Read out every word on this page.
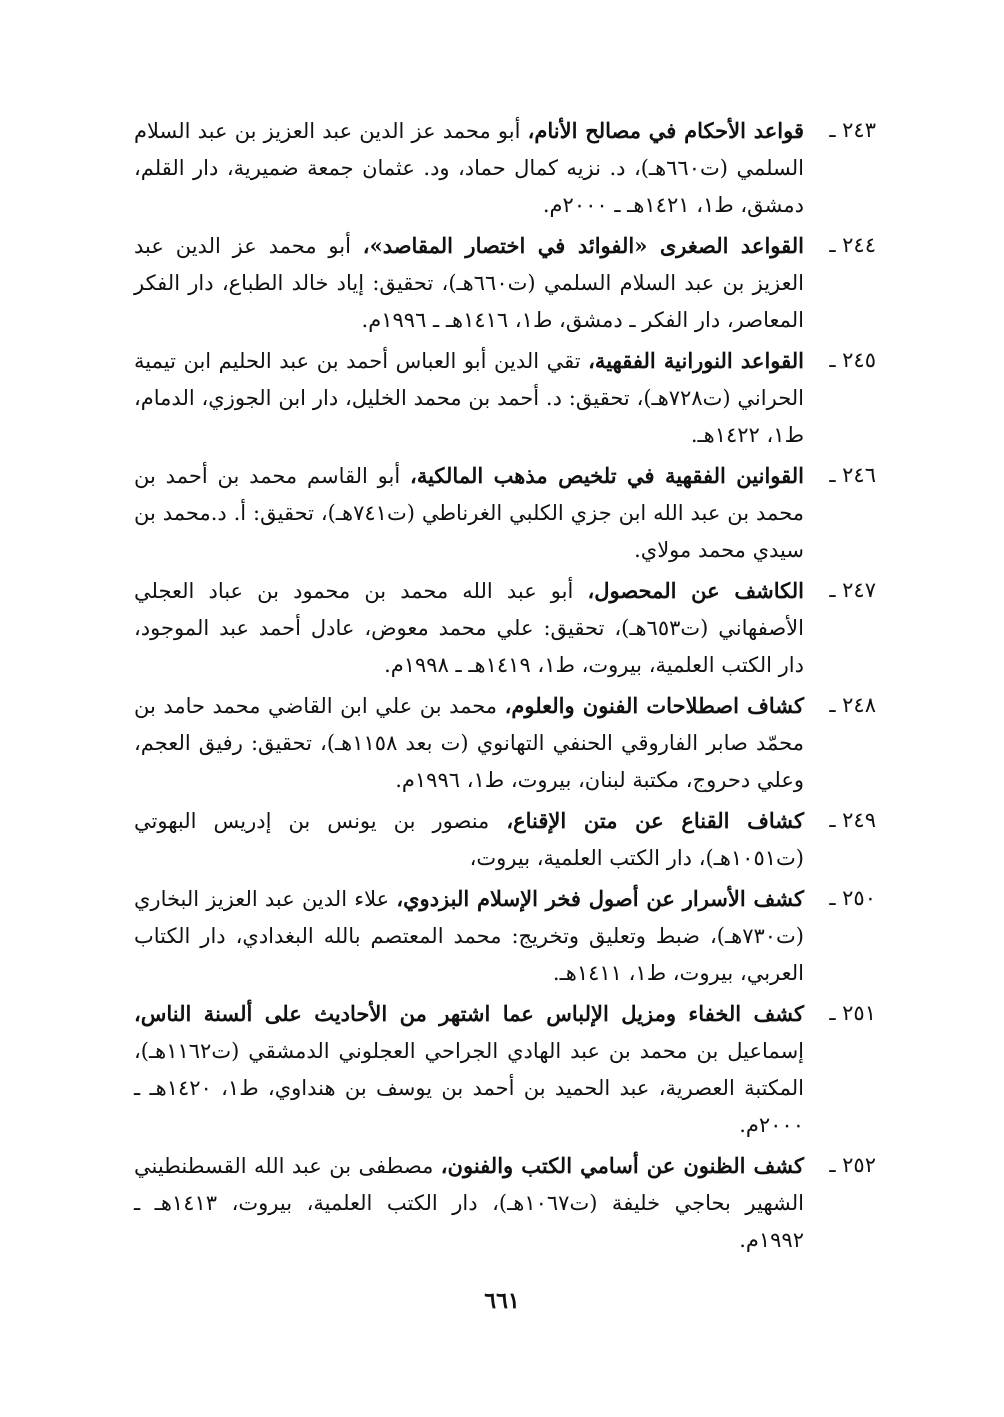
٢٤٣ ـ
قواعد الأحكام في مصالح الأنام، أبو محمد عز الدين عبد العزيز بن عبد السلام السلمي (ت٦٦٠هـ)، د. نزيه كمال حماد، ود. عثمان جمعة ضميرية، دار القلم، دمشق، ط١، ١٤٢١هـ ـ ٢٠٠٠م.
٢٤٤ ـ
القواعد الصغرى «الفوائد في اختصار المقاصد»، أبو محمد عز الدين عبد العزيز بن عبد السلام السلمي (ت٦٦٠هـ)، تحقيق: إياد خالد الطباع، دار الفكر المعاصر، دار الفكر ـ دمشق، ط١، ١٤١٦هـ ـ ١٩٩٦م.
٢٤٥ ـ
القواعد النورانية الفقهية، تقي الدين أبو العباس أحمد بن عبد الحليم ابن تيمية الحراني (ت٧٢٨هـ)، تحقيق: د. أحمد بن محمد الخليل، دار ابن الجوزي، الدمام، ط١، ١٤٢٢هـ.
٢٤٦ ـ
القوانين الفقهية في تلخيص مذهب المالكية، أبو القاسم محمد بن أحمد بن محمد بن عبد الله ابن جزي الكلبي الغرناطي (ت٧٤١هـ)، تحقيق: أ. د.محمد بن سيدي محمد مولاي.
٢٤٧ ـ
الكاشف عن المحصول، أبو عبد الله محمد بن محمود بن عباد العجلي الأصفهاني (ت٦٥٣هـ)، تحقيق: علي محمد معوض، عادل أحمد عبد الموجود، دار الكتب العلمية، بيروت، ط١، ١٤١٩هـ ـ ١٩٩٨م.
٢٤٨ ـ
كشاف اصطلاحات الفنون والعلوم، محمد بن علي ابن القاضي محمد حامد بن محمّد صابر الفاروقي الحنفي التهانوي (ت بعد ١١٥٨هـ)، تحقيق: رفيق العجم، وعلي دحروج، مكتبة لبنان، بيروت، ط١، ١٩٩٦م.
٢٤٩ ـ
كشاف القناع عن متن الإقناع، منصور بن يونس بن إدريس البهوتي (ت١٠٥١هـ)، دار الكتب العلمية، بيروت،
٢٥٠ ـ
كشف الأسرار عن أصول فخر الإسلام البزدوي، علاء الدين عبد العزيز البخاري (ت٧٣٠هـ)، ضبط وتعليق وتخريج: محمد المعتصم بالله البغدادي، دار الكتاب العربي، بيروت، ط١، ١٤١١هـ.
٢٥١ ـ
كشف الخفاء ومزيل الإلباس عما اشتهر من الأحاديث على ألسنة الناس، إسماعيل بن محمد بن عبد الهادي الجراحي العجلوني الدمشقي (ت١١٦٢هـ)، المكتبة العصرية، عبد الحميد بن أحمد بن يوسف بن هنداوي، ط١، ١٤٢٠هـ ـ ٢٠٠٠م.
٢٥٢ ـ
كشف الظنون عن أسامي الكتب والفنون، مصطفى بن عبد الله القسطنطيني الشهير بحاجي خليفة (ت١٠٦٧هـ)، دار الكتب العلمية، بيروت، ١٤١٣هـ ـ ١٩٩٢م.
٦٦١
